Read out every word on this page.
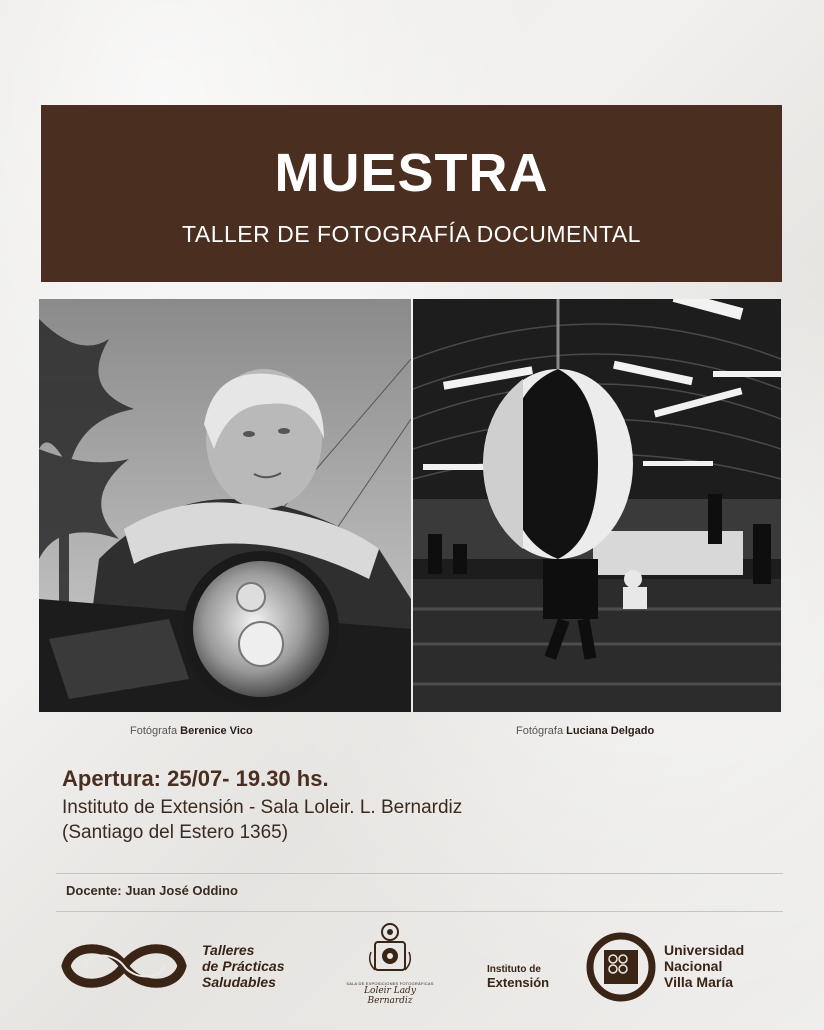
MUESTRA
TALLER DE FOTOGRAFÍA DOCUMENTAL
Fotógrafa Berenice Vico	Fotógrafa Luciana Delgado
Apertura: 25/07- 19.30 hs.
Instituto de Extensión - Sala Loleir. L. Bernardiz
(Santiago del Estero 1365)
Docente: Juan José Oddino
Talleres
de Prácticas
Saludables	SALA DE EXPOSICIONES FOTOGRÁFICAS
Loleir Lady Bernardiz
Instituto de
Extensión
Universidad
Nacional
Villa María
